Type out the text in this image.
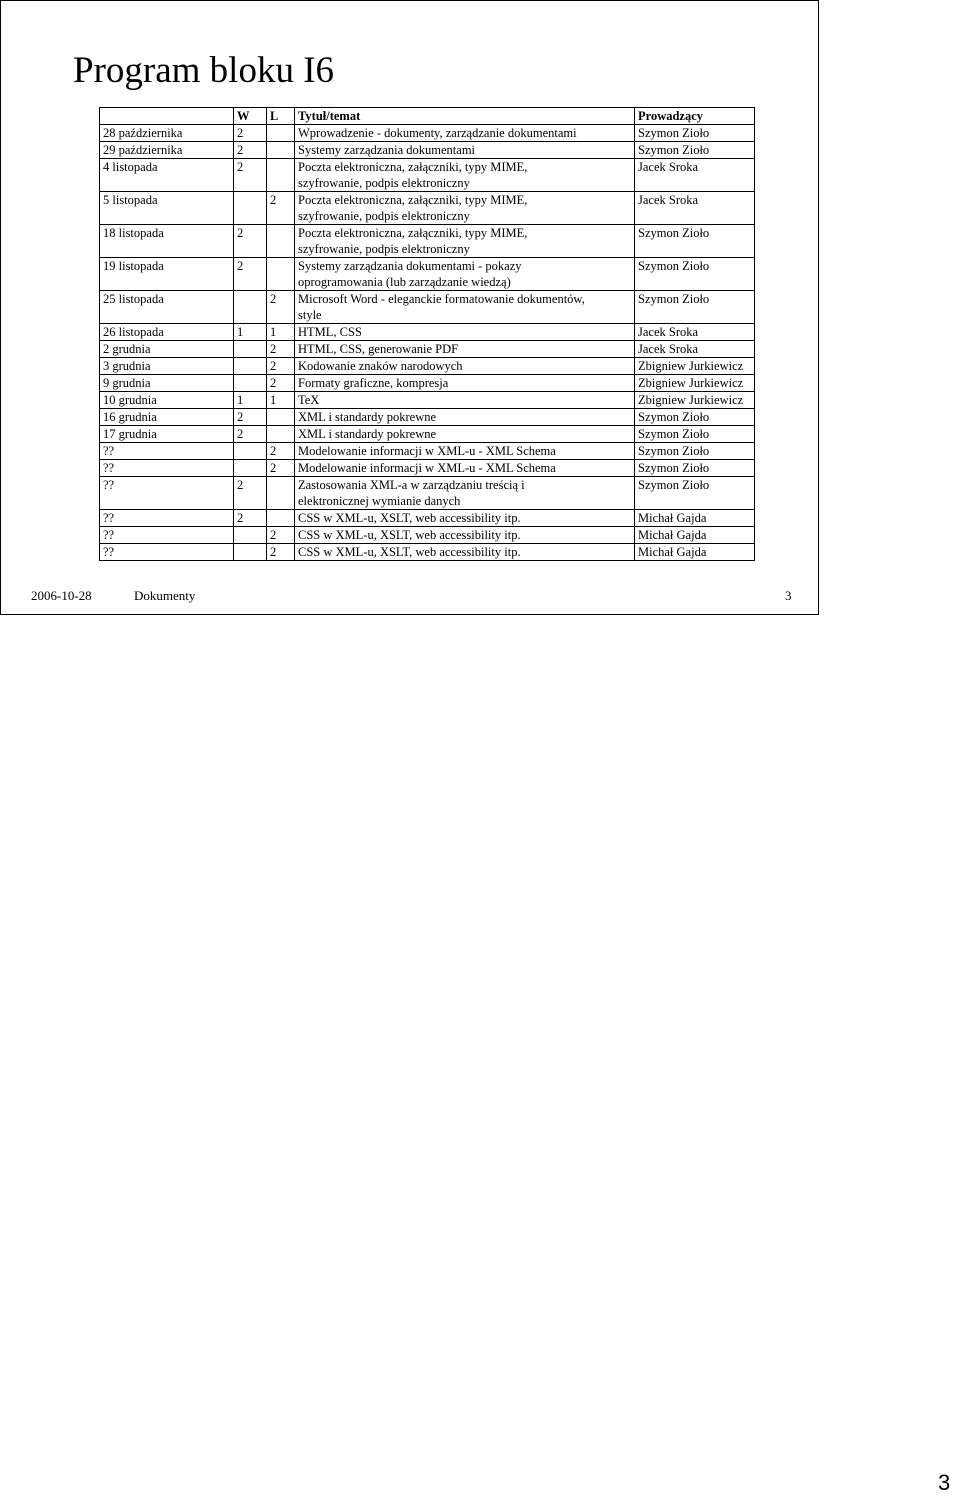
Program bloku I6
	W	L	Tytuł/temat	Prowadzący
28 października	2		Wprowadzenie - dokumenty, zarządzanie dokumentami	Szymon Zioło
29 października	2		Systemy zarządzania dokumentami	Szymon Zioło
4 listopada	2		Poczta elektroniczna, załączniki, typy MIME,
szyfrowanie, podpis elektroniczny	Jacek Sroka
5 listopada		2	Poczta elektroniczna, załączniki, typy MIME,
szyfrowanie, podpis elektroniczny	Jacek Sroka
18 listopada	2		Poczta elektroniczna, załączniki, typy MIME,
szyfrowanie, podpis elektroniczny	Szymon Zioło
19 listopada	2		Systemy zarządzania dokumentami - pokazy
oprogramowania (lub zarządzanie wiedzą)	Szymon Zioło
25 listopada		2	Microsoft Word - eleganckie formatowanie dokumentów,
style	Szymon Zioło
26 listopada	1	1	HTML, CSS	Jacek Sroka
2 grudnia		2	HTML, CSS, generowanie PDF	Jacek Sroka
3 grudnia		2	Kodowanie znaków narodowych	Zbigniew Jurkiewicz
9 grudnia		2	Formaty graficzne, kompresja	Zbigniew Jurkiewicz
10 grudnia	1	1	TeX	Zbigniew Jurkiewicz
16 grudnia	2		XML i standardy pokrewne	Szymon Zioło
17 grudnia	2		XML i standardy pokrewne	Szymon Zioło
??		2	Modelowanie informacji w XML-u - XML Schema	Szymon Zioło
??		2	Modelowanie informacji w XML-u - XML Schema	Szymon Zioło
??	2		Zastosowania XML-a w zarządzaniu treścią i
elektronicznej wymianie danych	Szymon Zioło
??	2		CSS w XML-u, XSLT, web accessibility itp.	Michał Gajda
??		2	CSS w XML-u, XSLT, web accessibility itp.	Michał Gajda
??		2	CSS w XML-u, XSLT, web accessibility itp.	Michał Gajda
2006-10-28	Dokumenty	3
3
